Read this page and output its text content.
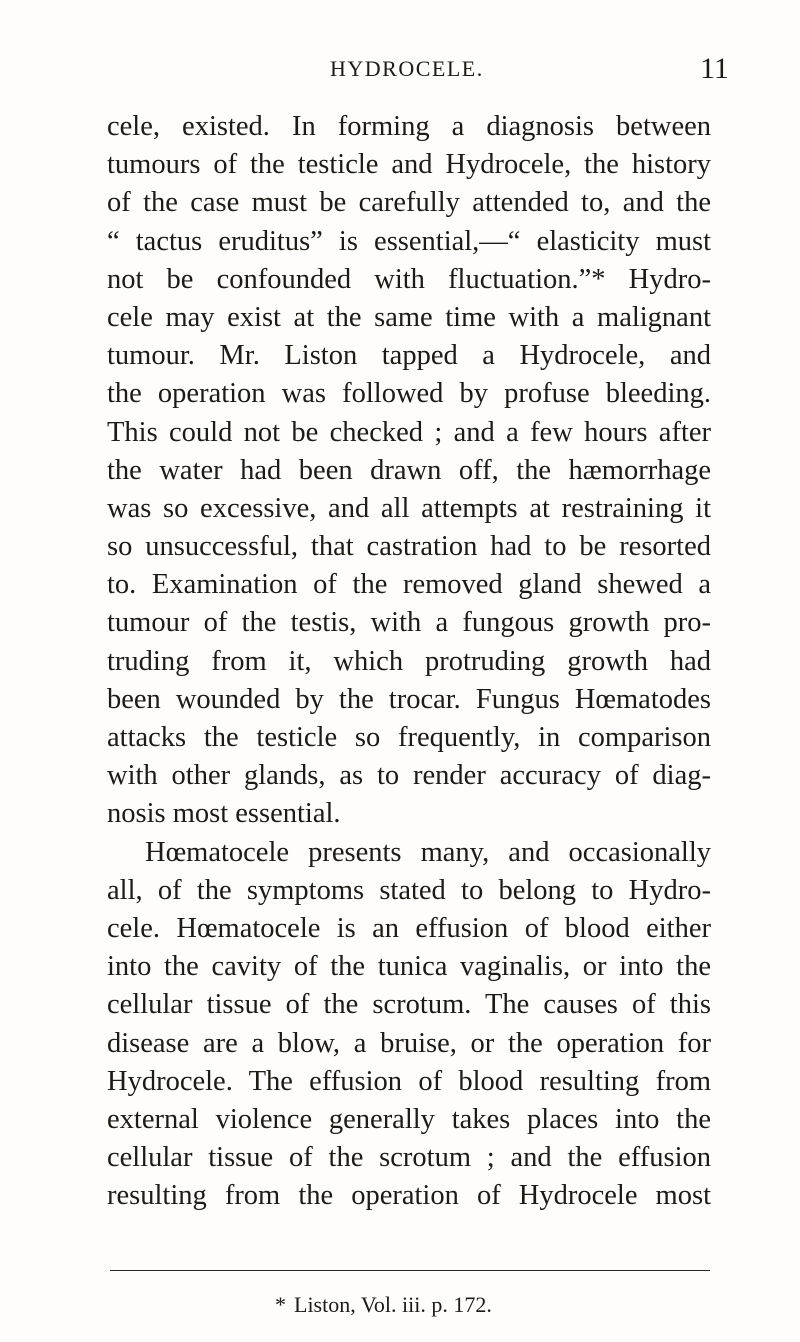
HYDROCELE.	11
cele, existed. In forming a diagnosis between
tumours of the testicle and Hydrocele, the history
of the case must be carefully attended to, and the
“ tactus eruditus” is essential,—“ elasticity must
not be confounded with fluctuation.”* Hydro-
cele may exist at the same time with a malignant
tumour. Mr. Liston tapped a Hydrocele, and
the operation was followed by profuse bleeding.
This could not be checked ; and a few hours after
the water had been drawn off, the hæmorrhage
was so excessive, and all attempts at restraining it
so unsuccessful, that castration had to be resorted
to. Examination of the removed gland shewed a
tumour of the testis, with a fungous growth pro-
truding from it, which protruding growth had
been wounded by the trocar. Fungus Hœmatodes
attacks the testicle so frequently, in comparison
with other glands, as to render accuracy of diag-
nosis most essential.
Hœmatocele presents many, and occasionally
all, of the symptoms stated to belong to Hydro-
cele. Hœmatocele is an effusion of blood either
into the cavity of the tunica vaginalis, or into the
cellular tissue of the scrotum. The causes of this
disease are a blow, a bruise, or the operation for
Hydrocele. The effusion of blood resulting from
external violence generally takes places into the
cellular tissue of the scrotum ; and the effusion
resulting from the operation of Hydrocele most
* Liston, Vol. iii. p. 172.
